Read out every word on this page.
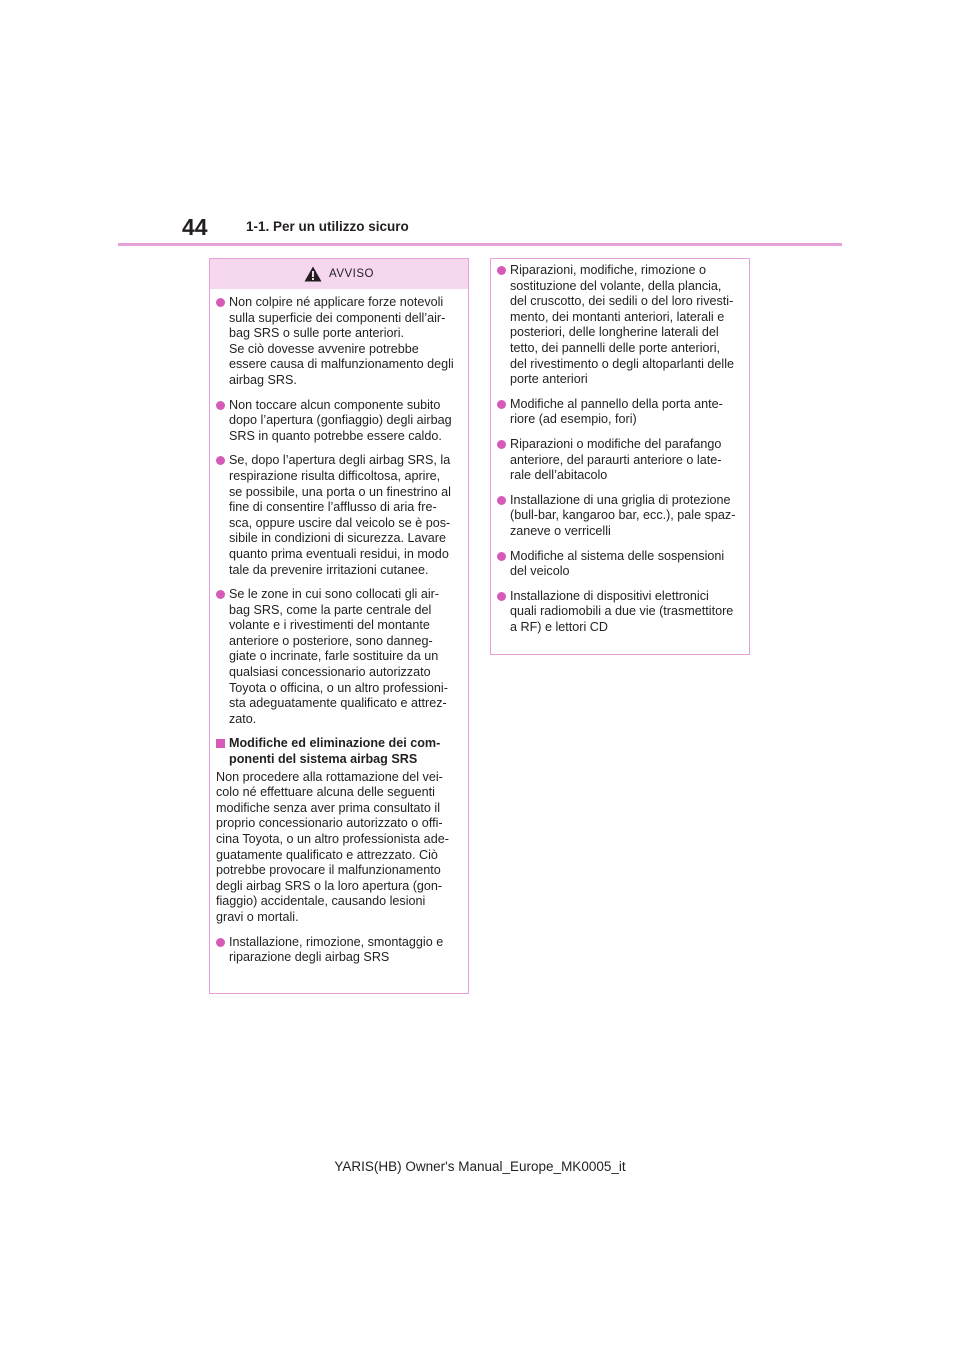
44	1-1. Per un utilizzo sicuro
AVVISO
Non colpire né applicare forze notevoli
sulla superficie dei componenti dell’air-
bag SRS o sulle porte anteriori.
Se ciò dovesse avvenire potrebbe
essere causa di malfunzionamento degli
airbag SRS.
Non toccare alcun componente subito
dopo l’apertura (gonfiaggio) degli airbag
SRS in quanto potrebbe essere caldo.
Se, dopo l’apertura degli airbag SRS, la
respirazione risulta difficoltosa, aprire,
se possibile, una porta o un finestrino al
fine di consentire l’afflusso di aria fre-
sca, oppure uscire dal veicolo se è pos-
sibile in condizioni di sicurezza. Lavare
quanto prima eventuali residui, in modo
tale da prevenire irritazioni cutanee.
Se le zone in cui sono collocati gli air-
bag SRS, come la parte centrale del
volante e i rivestimenti del montante
anteriore o posteriore, sono danneg-
giate o incrinate, farle sostituire da un
qualsiasi concessionario autorizzato
Toyota o officina, o un altro professioni-
sta adeguatamente qualificato e attrez-
zato.
Modifiche ed eliminazione dei com-
ponenti del sistema airbag SRS
Non procedere alla rottamazione del vei-
colo né effettuare alcuna delle seguenti
modifiche senza aver prima consultato il
proprio concessionario autorizzato o offi-
cina Toyota, o un altro professionista ade-
guatamente qualificato e attrezzato. Ciò
potrebbe provocare il malfunzionamento
degli airbag SRS o la loro apertura (gon-
fiaggio) accidentale, causando lesioni
gravi o mortali.
Installazione, rimozione, smontaggio e
riparazione degli airbag SRS
Riparazioni, modifiche, rimozione o
sostituzione del volante, della plancia,
del cruscotto, dei sedili o del loro rivesti-
mento, dei montanti anteriori, laterali e
posteriori, delle longherine laterali del
tetto, dei pannelli delle porte anteriori,
del rivestimento o degli altoparlanti delle
porte anteriori
Modifiche al pannello della porta ante-
riore (ad esempio, fori)
Riparazioni o modifiche del parafango
anteriore, del paraurti anteriore o late-
rale dell’abitacolo
Installazione di una griglia di protezione
(bull-bar, kangaroo bar, ecc.), pale spaz-
zaneve o verricelli
Modifiche al sistema delle sospensioni
del veicolo
Installazione di dispositivi elettronici
quali radiomobili a due vie (trasmettitore
a RF) e lettori CD
YARIS(HB) Owner's Manual_Europe_MK0005_it
